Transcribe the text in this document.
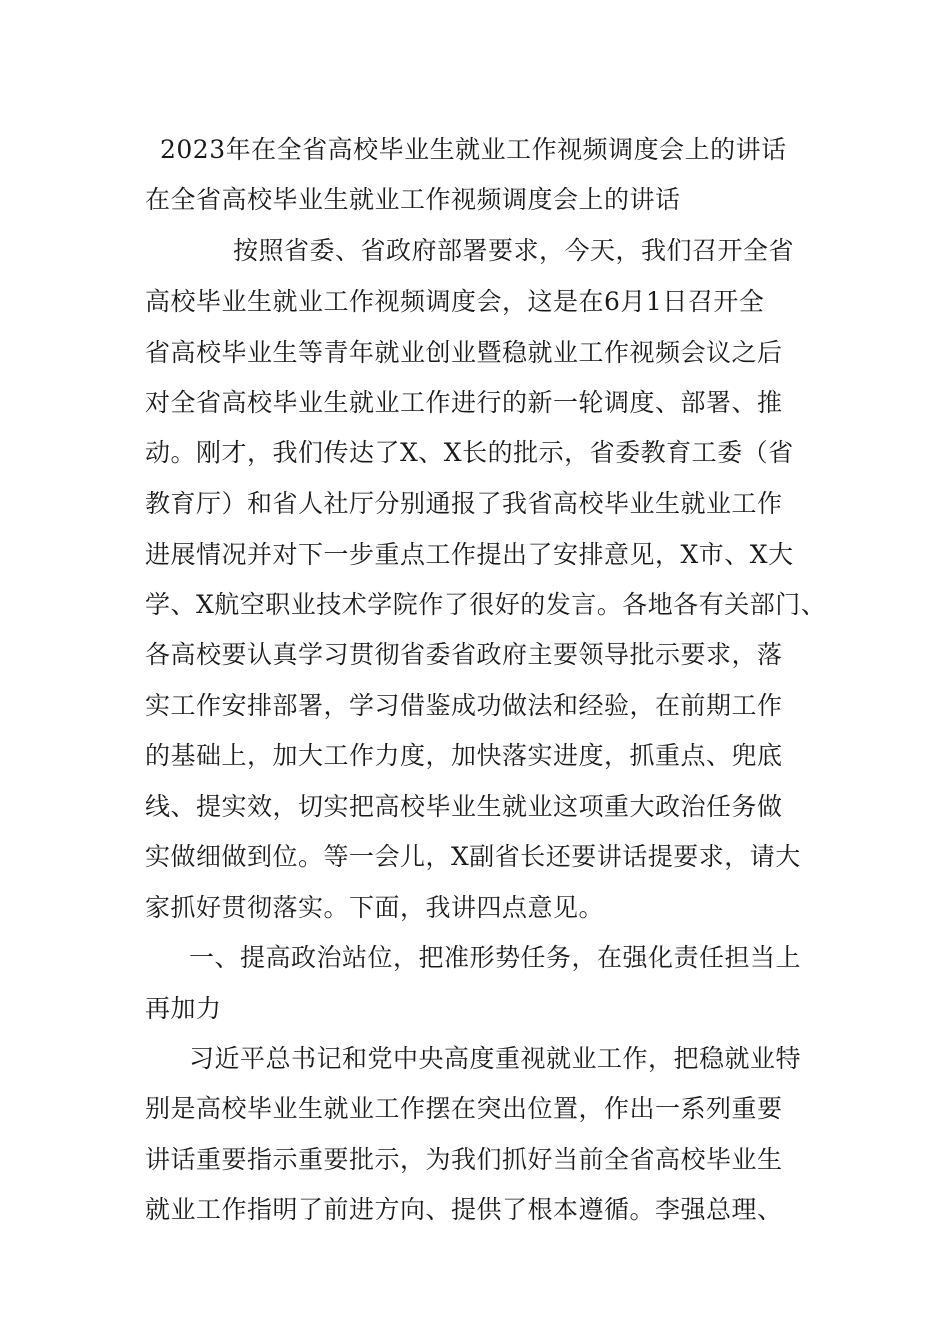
2023年在全省高校毕业生就业工作视频调度会上的讲话
在全省高校毕业生就业工作视频调度会上的讲话
按照省委、省政府部署要求，今天，我们召开全省
高校毕业生就业工作视频调度会，这是在6月1日召开全
省高校毕业生等青年就业创业暨稳就业工作视频会议之后
对全省高校毕业生就业工作进行的新一轮调度、部署、推
动。刚才，我们传达了X、X长的批示，省委教育工委（省
教育厅）和省人社厅分别通报了我省高校毕业生就业工作
进展情况并对下一步重点工作提出了安排意见，X市、X大
学、X航空职业技术学院作了很好的发言。各地各有关部门、
各高校要认真学习贯彻省委省政府主要领导批示要求，落
实工作安排部署，学习借鉴成功做法和经验，在前期工作
的基础上，加大工作力度，加快落实进度，抓重点、兜底
线、提实效，切实把高校毕业生就业这项重大政治任务做
实做细做到位。等一会儿，X副省长还要讲话提要求，请大
家抓好贯彻落实。下面，我讲四点意见。
一、提高政治站位，把准形势任务，在强化责任担当上
再加力
习近平总书记和党中央高度重视就业工作，把稳就业特
别是高校毕业生就业工作摆在突出位置，作出一系列重要
讲话重要指示重要批示，为我们抓好当前全省高校毕业生
就业工作指明了前进方向、提供了根本遵循。李强总理、
